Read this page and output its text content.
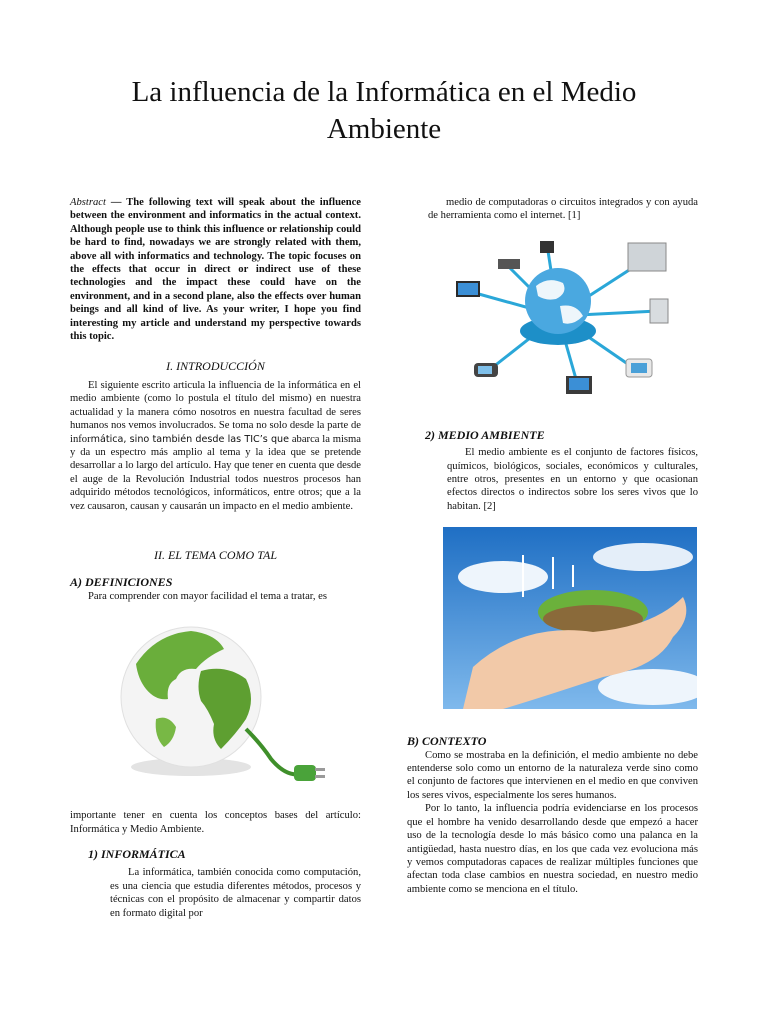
La influencia de la Informática en el Medio Ambiente

Abstract — The following text will speak about the influence between the environment and informatics in the actual context. Although people use to think this influence or relationship could be hard to find, nowadays we are strongly related with them, above all with informatics and technology. The topic focuses on the effects that occur in direct or indirect use of these technologies and the impact these could have on the environment, and in a second plane, also the effects over human beings and all kind of live. As your writer, I hope you find interesting my article and understand my perspective towards this topic.

I. INTRODUCCIÓN

El siguiente escrito articula la influencia de la informática en el medio ambiente (como lo postula el título del mismo) en nuestra actualidad y la manera cómo nosotros en nuestra facultad de seres humanos nos vemos involucrados. Se toma no solo desde la parte de informática, sino también desde las TIC’s que abarca la misma y da un espectro más amplio al tema y la idea que se pretende desarrollar a lo largo del artículo. Hay que tener en cuenta que desde el auge de la Revolución Industrial todos nuestros procesos han adquirido métodos tecnológicos, informáticos, entre otros; que a la vez causaron, causan y causarán un impacto en el medio ambiente.

II. EL TEMA COMO TAL
A) DEFINICIONES

Para comprender con mayor facilidad el tema a tratar, es

importante tener en cuenta los conceptos bases del artículo: Informática y Medio Ambiente.

1) INFORMÁTICA

La informática, también conocida como computación, es una ciencia que estudia diferentes métodos, procesos y técnicas con el propósito de almacenar y compartir datos en formato digital por

medio de computadoras o circuitos integrados y con ayuda de herramienta como el internet. [1]

2) MEDIO AMBIENTE

El medio ambiente es el conjunto de factores físicos, químicos, biológicos, sociales, económicos y culturales, entre otros, presentes en un entorno y que ocasionan efectos directos o indirectos sobre los seres vivos que lo habitan. [2]

B) CONTEXTO

Como se mostraba en la definición, el medio ambiente no debe entenderse solo como un entorno de la naturaleza verde sino como el conjunto de factores que intervienen en el medio en que conviven los seres vivos, especialmente los seres humanos.

Por lo tanto, la influencia podría evidenciarse en los procesos que el hombre ha venido desarrollando desde que empezó a hacer uso de la tecnología desde lo más básico como una palanca en la antigüedad, hasta nuestro días, en los que cada vez evoluciona más y vemos computadoras capaces de realizar múltiples funciones que afectan toda clase cambios en nuestra sociedad, en nuestro medio ambiente como se menciona en el título.
